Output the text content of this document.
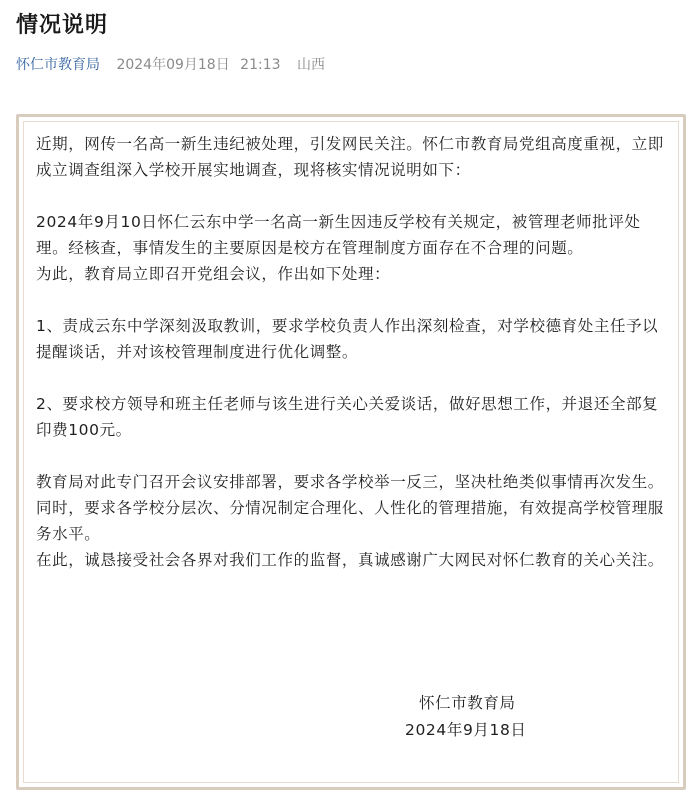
情况说明
怀仁市教育局 2024年09月18日 21:13 山西

近期，网传一名高一新生违纪被处理，引发网民关注。怀仁市教育局党组高度重视，立即成立调查组深入学校开展实地调查，现将核实情况说明如下：

2024年9月10日怀仁云东中学一名高一新生因违反学校有关规定，被管理老师批评处理。经核查，事情发生的主要原因是校方在管理制度方面存在不合理的问题。

为此，教育局立即召开党组会议，作出如下处理：

1、责成云东中学深刻汲取教训，要求学校负责人作出深刻检查，对学校德育处主任予以提醒谈话，并对该校管理制度进行优化调整。

2、要求校方领导和班主任老师与该生进行关心关爱谈话，做好思想工作，并退还全部复印费100元。

教育局对此专门召开会议安排部署，要求各学校举一反三，坚决杜绝类似事情再次发生。同时，要求各学校分层次、分情况制定合理化、人性化的管理措施，有效提高学校管理服务水平。

在此，诚恳接受社会各界对我们工作的监督，真诚感谢广大网民对怀仁教育的关心关注。

怀仁市教育局
2024年9月18日
